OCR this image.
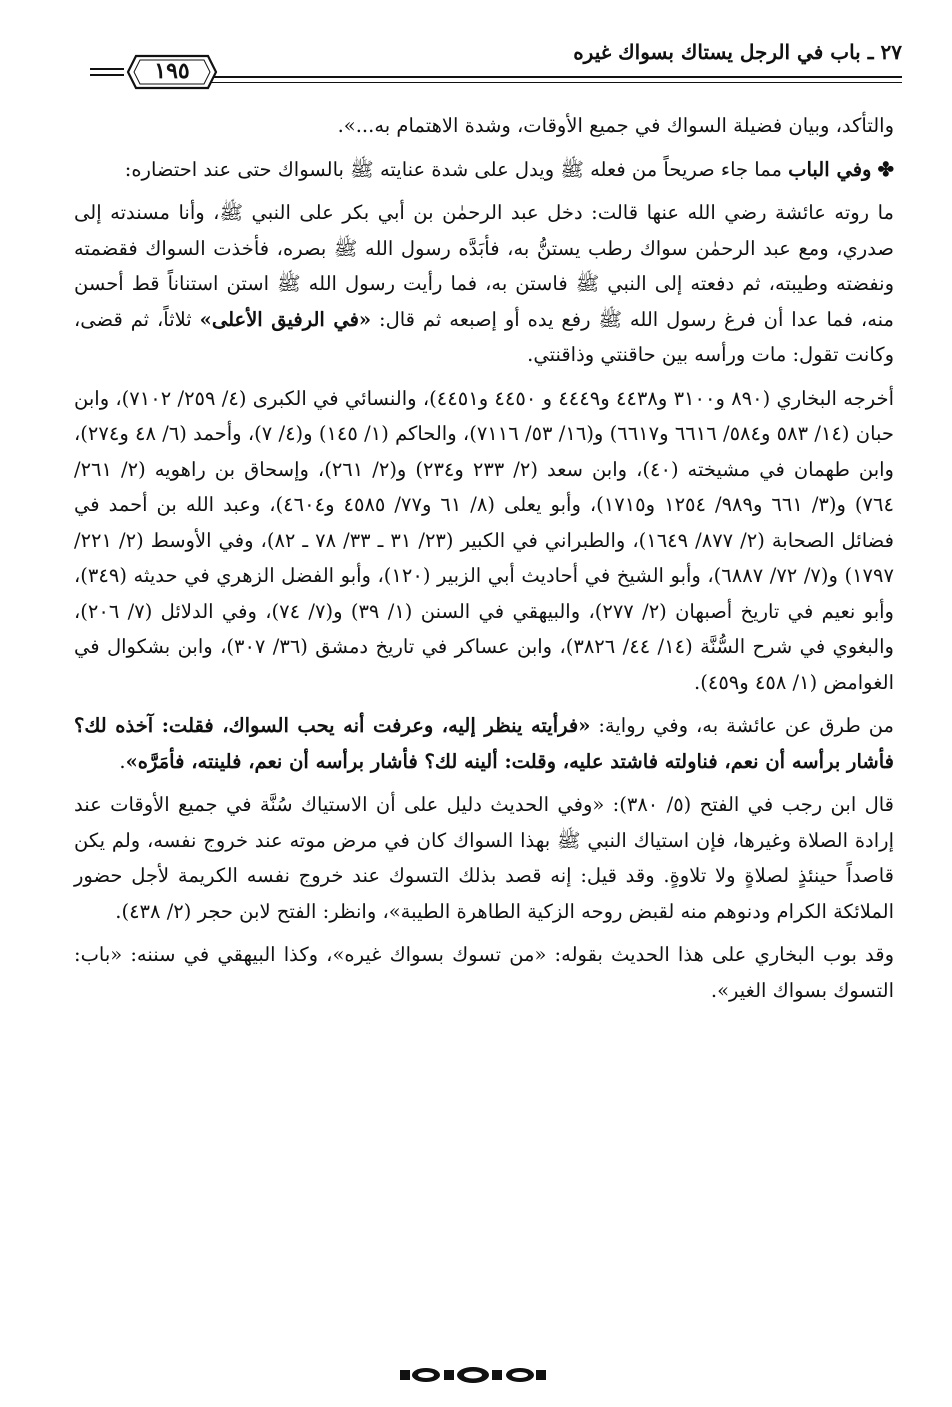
٢٧ ـ باب في الرجل يستاك بسواك غيره
١٩٥

والتأكد، وبيان فضيلة السواك في جميع الأوقات، وشدة الاهتمام به...».

✤ وفي الباب مما جاء صريحاً من فعله ﷺ ويدل على شدة عنايته ﷺ بالسواك حتى عند احتضاره:

ما روته عائشة رضي الله عنها قالت: دخل عبد الرحمٰن بن أبي بكر على النبي ﷺ، وأنا مسندته إلى صدري، ومع عبد الرحمٰن سواك رطب يستنُّ به، فأبَدَّه رسول الله ﷺ بصره، فأخذت السواك فقضمته ونفضته وطيبته، ثم دفعته إلى النبي ﷺ فاستن به، فما رأيت رسول الله ﷺ استن استناناً قط أحسن منه، فما عدا أن فرغ رسول الله ﷺ رفع يده أو إصبعه ثم قال: «في الرفيق الأعلى» ثلاثاً، ثم قضى، وكانت تقول: مات ورأسه بين حاقنتي وذاقنتي.

أخرجه البخاري (٨٩٠ و٣١٠٠ و٤٤٣٨ و٤٤٤٩ و ٤٤٥٠ و٤٤٥١)، والنسائي في الكبرى (٤/ ٢٥٩/ ٧١٠٢)، وابن حبان (١٤/ ٥٨٣ و٥٨٤/ ٦٦١٦ و٦٦١٧) و(١٦/ ٥٣/ ٧١١٦)، والحاكم (١/ ١٤٥) و(٤/ ٧)، وأحمد (٦/ ٤٨ و٢٧٤)، وابن طهمان في مشيخته (٤٠)، وابن سعد (٢/ ٢٣٣ و٢٣٤) و(٢/ ٢٦١)، وإسحاق بن راهويه (٢/ ٢٦١/ ٧٦٤) و(٣/ ٦٦١ و٩٨٩/ ١٢٥٤ و١٧١٥)، وأبو يعلى (٨/ ٦١ و٧٧/ ٤٥٨٥ و٤٦٠٤)، وعبد الله بن أحمد في فضائل الصحابة (٢/ ٨٧٧/ ١٦٤٩)، والطبراني في الكبير (٢٣/ ٣١ ـ ٣٣/ ٧٨ ـ ٨٢)، وفي الأوسط (٢/ ٢٢١/ ١٧٩٧) و(٧/ ٧٢/ ٦٨٨٧)، وأبو الشيخ في أحاديث أبي الزبير (١٢٠)، وأبو الفضل الزهري في حديثه (٣٤٩)، وأبو نعيم في تاريخ أصبهان (٢/ ٢٧٧)، والبيهقي في السنن (١/ ٣٩) و(٧/ ٧٤)، وفي الدلائل (٧/ ٢٠٦)، والبغوي في شرح السُّنَّة (١٤/ ٤٤/ ٣٨٢٦)، وابن عساكر في تاريخ دمشق (٣٦/ ٣٠٧)، وابن بشكوال في الغوامض (١/ ٤٥٨ و٤٥٩).

من طرق عن عائشة به، وفي رواية: «فرأيته ينظر إليه، وعرفت أنه يحب السواك، فقلت: آخذه لك؟ فأشار برأسه أن نعم، فناولته فاشتد عليه، وقلت: ألينه لك؟ فأشار برأسه أن نعم، فلينته، فأمَرَّه».

قال ابن رجب في الفتح (٥/ ٣٨٠): «وفي الحديث دليل على أن الاستياك سُنَّة في جميع الأوقات عند إرادة الصلاة وغيرها، فإن استياك النبي ﷺ بهذا السواك كان في مرض موته عند خروج نفسه، ولم يكن قاصداً حينئذٍ لصلاةٍ ولا تلاوةٍ. وقد قيل: إنه قصد بذلك التسوك عند خروج نفسه الكريمة لأجل حضور الملائكة الكرام ودنوهم منه لقبض روحه الزكية الطاهرة الطيبة»، وانظر: الفتح لابن حجر (٢/ ٤٣٨).

وقد بوب البخاري على هذا الحديث بقوله: «من تسوك بسواك غيره»، وكذا البيهقي في سننه: «باب: التسوك بسواك الغير».
